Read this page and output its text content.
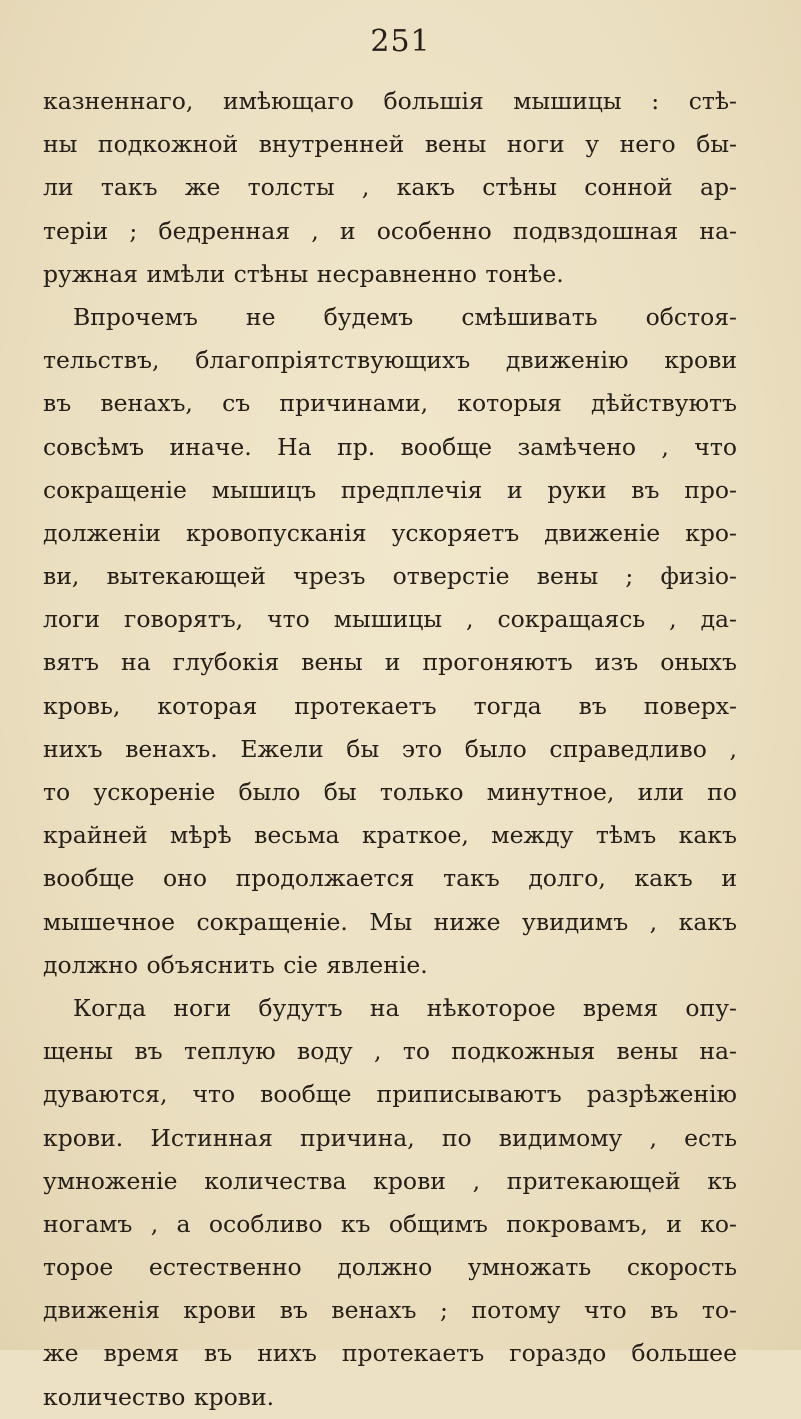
251
казненнаго, имѣющаго большія мышицы : стѣ-
ны подкожной внутренней вены ноги у него бы-
ли такъ же толсты , какъ стѣны сонной ар-
теріи ; бедренная , и особенно подвздошная на-
ружная имѣли стѣны несравненно тонѣе.
Впрочемъ не будемъ смѣшивать обстоя-
тельствъ, благопріятствующихъ движенію крови
въ венахъ, съ причинами, которыя дѣйствуютъ
совсѣмъ иначе. На пр. вообще замѣчено , что
сокращеніе мышицъ предплечія и руки въ про-
долженіи кровопусканія ускоряетъ движеніе кро-
ви, вытекающей чрезъ отверстіе вены ; физіо-
логи говорятъ, что мышицы , сокращаясь , да-
вятъ на глубокія вены и прогоняютъ изъ оныхъ
кровь, которая протекаетъ тогда въ поверх-
нихъ венахъ. Ежели бы это было справедливо ,
то ускореніе было бы только минутное, или по
крайней мѣрѣ весьма краткое, между тѣмъ какъ
вообще оно продолжается такъ долго, какъ и
мышечное сокращеніе. Мы ниже увидимъ , какъ
должно объяснить сіе явленіе.
Когда ноги будутъ на нѣкоторое время опу-
щены въ теплую воду , то подкожныя вены на-
дуваются, что вообще приписываютъ разрѣженію
крови. Истинная причина, по видимому , есть
умноженіе количества крови , притекающей къ
ногамъ , а особливо къ общимъ покровамъ, и ко-
торое естественно должно умножать скорость
движенія крови въ венахъ ; потому что въ то-
же время въ нихъ протекаетъ гораздо большее
количество крови.
